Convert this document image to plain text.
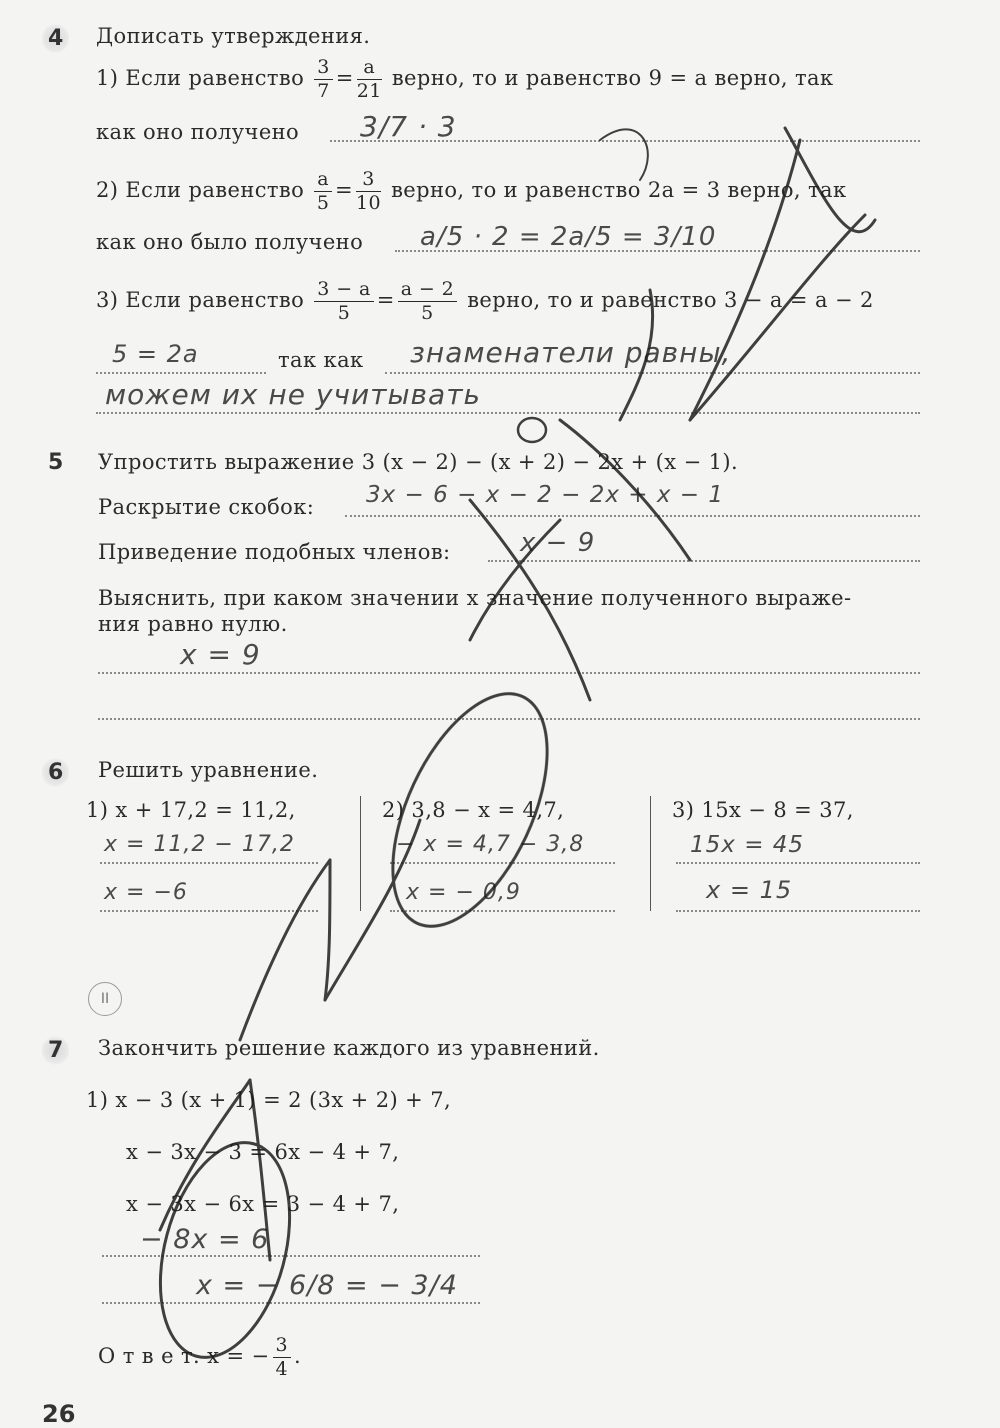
4 Дописать утверждения.
1) Если равенство $\frac{3}{7} = \frac{a}{21}$ верно, то и равенство 9 = a верно, так
как оно получено 3/7 · 3
2) Если равенство $\frac{a}{5} = \frac{3}{10}$ верно, то и равенство 2a = 3 верно, так
как оно было получено a/5 · 2 = 2a/5 = 3/10
3) Если равенство $\frac{3 - a}{5} = \frac{a - 2}{5}$ верно, то и равенство 3 − a = a − 2
5 = 2a	так как знаменатели равны,
можем их не учитывать
5 Упростить выражение 3 (x − 2) − (x + 2) − 2x + (x − 1).
Раскрытие скобок: 3x − 6 − x − 2 − 2x + x − 1
Приведение подобных членов:	x − 9
Выяснить, при каком значении x значение полученного выраже-
ния равно нулю.
x = 9
6 Решить уравнение.
1) x + 17,2 = 11,2,
x = 11,2 − 17,2
x = −6
2) 3,8 − x = 4,7,
− x = 4,7 − 3,8
x = − 0,9
3) 15x − 8 = 37,
15x = 45
x = 15
II
7 Закончить решение каждого из уравнений.
1) x − 3 (x + 1) = 2 (3x + 2) + 7,
x − 3x − 3 = 6x − 4 + 7,
x − 3x − 6x = 3 − 4 + 7,
− 8x = 6
x = − 6/8 = − 3/4
О т в е т. x = − $\frac{3}{4}$ .
26
